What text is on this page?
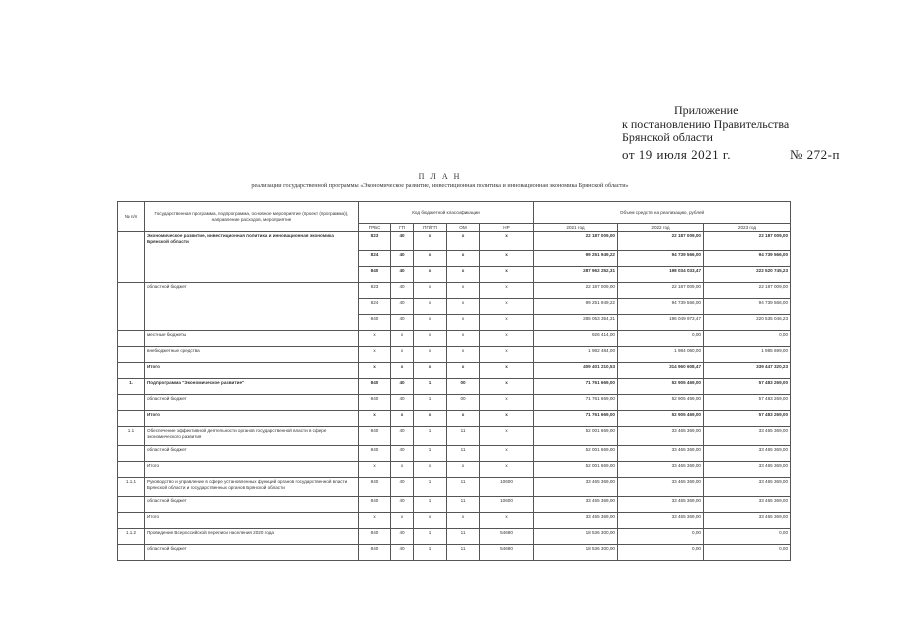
Приложение
к постановлению Правительства
Брянской области
от 19 июля 2021 г.	№ 272-п
П Л А Н
реализации государственной программы «Экономическое развитие, инвестиционная политика и инновационная экономика Брянской области»
№ п/п	Государственная программа, подпрограмма, основное мероприятие (проект (программа)), направление расходов, мероприятие	Код бюджетной классификации					Объем средств на реализацию, рублей		
		ГРБС	ГП	ПП/ГП	ОМ	НР	2021 год	2022 год	2023 год
	Экономическое развитие, инвестиционная политика и инновационная экономика Брянской области	823	40	х	х	х	22 187 009,00	22 187 009,00	22 187 009,00
		824	40	х	х	х	99 251 949,22	94 739 566,00	94 739 566,00
		840	40	х	х	х	287 962 252,31	198 034 033,47	222 520 745,23
	областной бюджет	823	40	х	х	х	22 187 009,00	22 187 009,00	22 187 009,00
		824	40	х	х	х	99 251 949,22	94 739 566,00	94 739 566,00
		840	40	х	х	х	285 053 354,31	196 049 973,47	220 535 046,23
	местные бюджеты	х	х	х	х	х	926 414,00	0,00	0,00
	внебюджетные средства	х	х	х	х	х	1 982 484,00	1 984 060,00	1 985 699,00
	Итого	х	х	х	х	х	409 401 210,53	314 960 608,47	339 447 320,23
1.	Подпрограмма "Экономическое развитие"	840	40	1	00	х	71 761 669,00	52 905 469,00	57 483 269,00
	областной бюджет	840	40	1	00	х	71 761 669,00	52 905 469,00	57 483 269,00
	Итого	х	х	х	х	х	71 761 669,00	52 905 469,00	57 483 269,00
1.1	Обеспечение эффективной деятельности органов государственной власти в сфере экономического развития	840	40	1	11	х	52 001 669,00	33 465 369,00	33 465 369,00
	областной бюджет	840	40	1	11	х	52 001 669,00	33 465 369,00	33 465 369,00
	Итого	х	х	х	х	х	52 001 669,00	33 465 369,00	33 465 369,00
1.1.1	Руководство и управление в сфере установленных функций органов государственной власти Брянской области и государственных органов Брянской области	840	40	1	11	10600	33 465 369,00	33 465 369,00	33 465 369,00
	областной бюджет	840	40	1	11	10600	33 465 369,00	33 465 369,00	33 465 369,00
	Итого	х	х	х	х	х	33 465 369,00	33 465 369,00	33 465 369,00
1.1.2	Проведение Всероссийской переписи населения 2020 года	840	40	1	11	54690	18 536 300,00	0,00	0,00
	областной бюджет	840	40	1	11	54690	18 536 300,00	0,00	0,00
